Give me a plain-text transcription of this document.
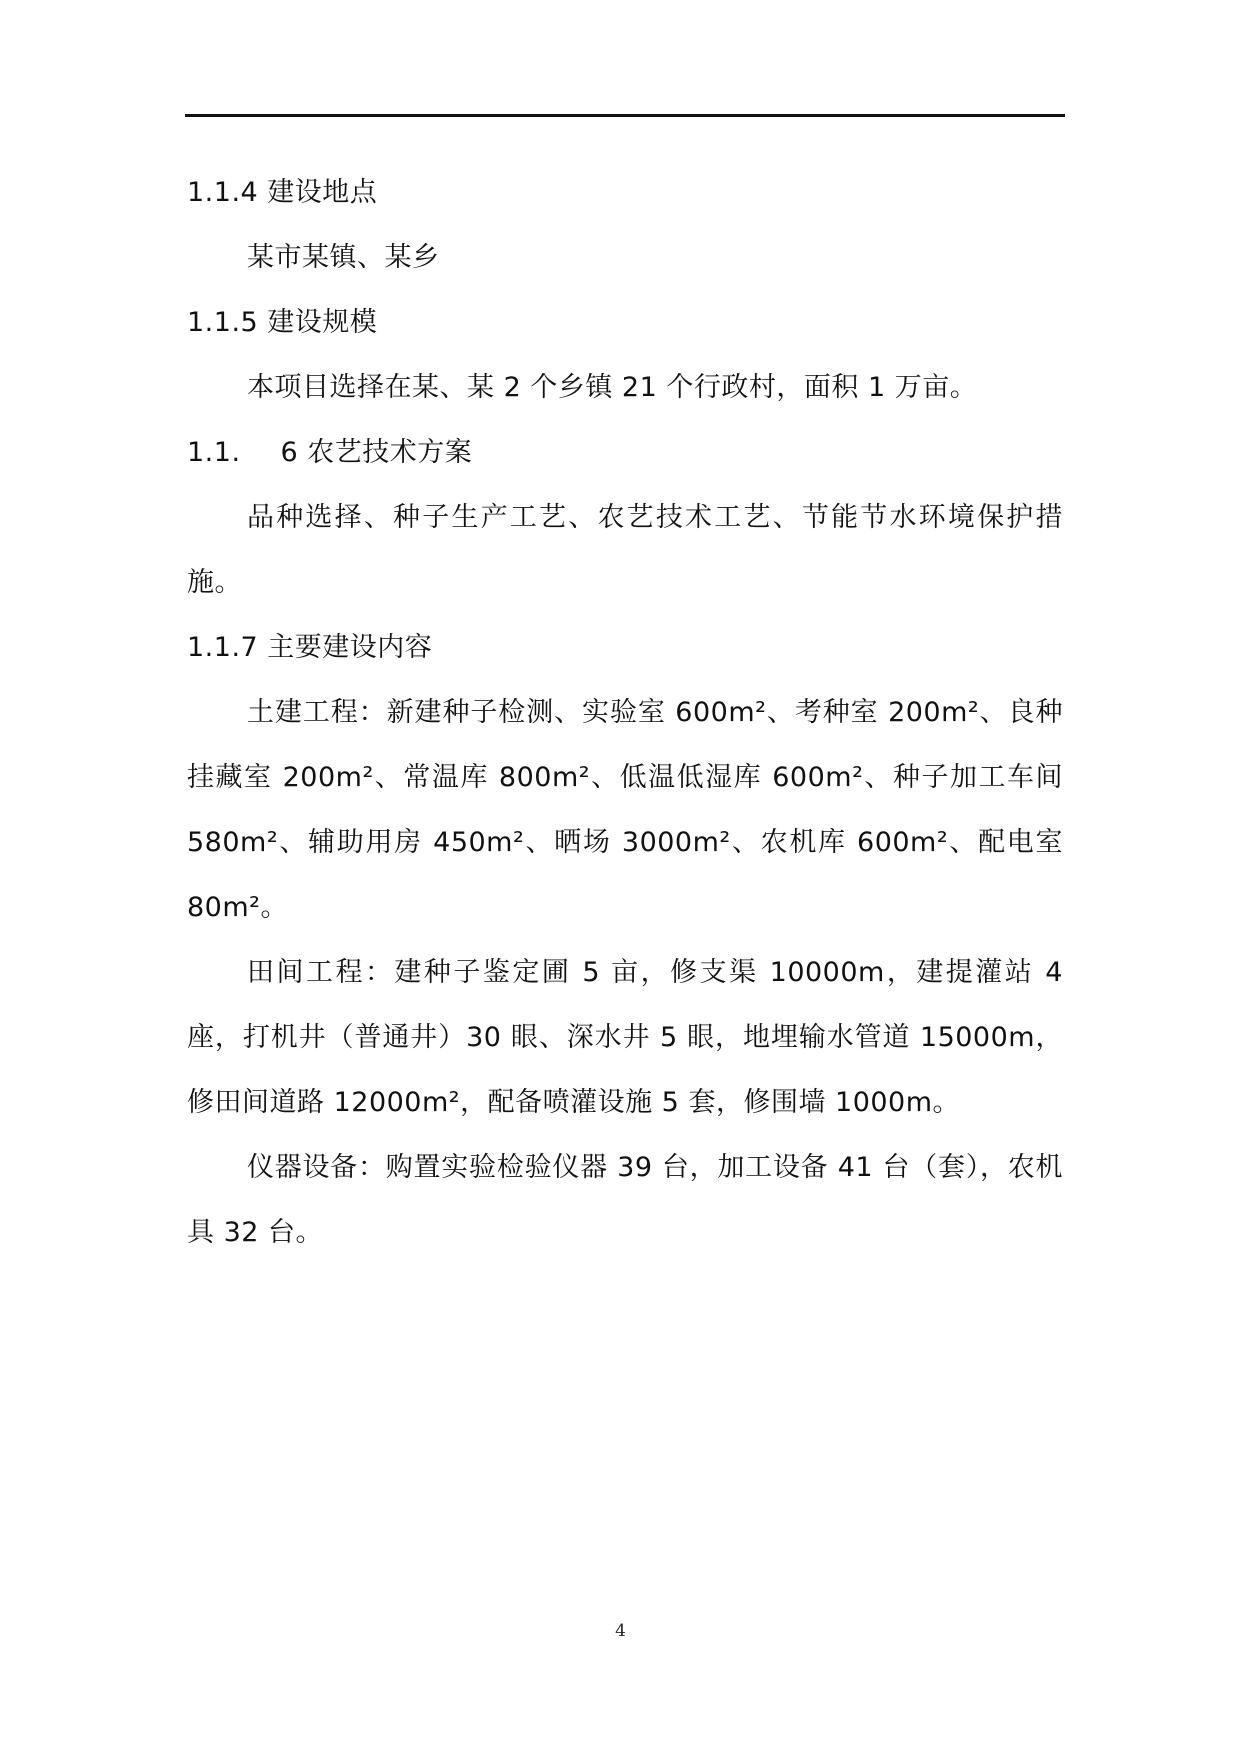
1.1.4 建设地点

某市某镇、某乡

1.1.5 建设规模

本项目选择在某、某 2 个乡镇 21 个行政村，面积 1 万亩。

1.1. 6 农艺技术方案

品种选择、种子生产工艺、农艺技术工艺、节能节水环境保护措施。

1.1.7 主要建设内容

土建工程：新建种子检测、实验室 600m²、考种室 200m²、良种挂藏室 200m²、常温库 800m²、低温低湿库 600m²、种子加工车间 580m²、辅助用房 450m²、晒场 3000m²、农机库 600m²、配电室 80m²。

田间工程：建种子鉴定圃 5 亩，修支渠 10000m，建提灌站 4 座，打机井（普通井）30 眼、深水井 5 眼，地埋输水管道 15000m，修田间道路 12000m²，配备喷灌设施 5 套，修围墙 1000m。

仪器设备：购置实验检验仪器 39 台，加工设备 41 台（套），农机具 32 台。

4
